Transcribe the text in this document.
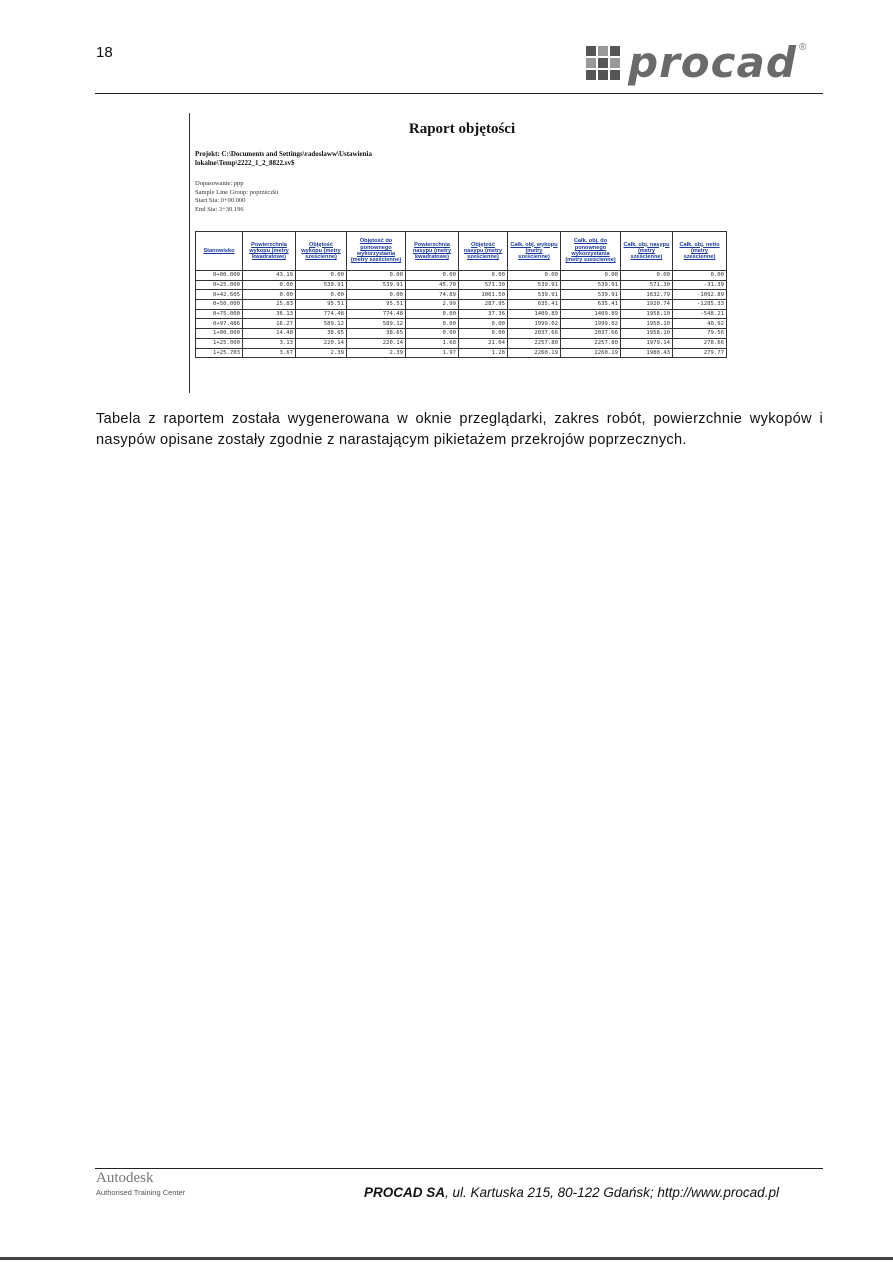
18	procad ®
Raport objętości
Projekt: C:\Documents and Settings\radoslaww\Ustawienia
lokalne\Temp\2222_1_2_8822.sv$
Dopasowanie: ppp
Sample Line Group: poprzeczki
Start Sta: 0+00.000
End Sta: 3+30.196
Stanowisko	Powierzchnia wykopu (metry kwadratowe)	Objętość wykopu (metry sześcienne)	Objętość do ponownego wykorzystania (metry sześcienne)	Powierzchnia nasypu (metry kwadratowe)	Objętość nasypu (metry sześcienne)	Całk. obj. wykopu (metry sześcienne)	Całk. obj. do ponownego wykorzystania (metry sześcienne)	Całk. obj. nasypu (metry sześcienne)	Całk. obj. netto (metry sześcienne)
0+00.000	43.19	0.00	0.00	0.00	0.00	0.00	0.00	0.00	0.00
0+25.000	0.00	539.91	539.91	45.70	571.30	539.91	539.91	571.30	-31.39
0+42.605	0.00	0.00	0.00	74.89	1061.50	539.91	539.91	1632.79	-1092.89
0+50.000	25.83	95.51	95.51	2.99	287.95	635.41	635.41	1920.74	-1285.33
0+75.000	36.13	774.48	774.48	0.00	37.36	1409.89	1409.89	1958.10	-548.21
0+97.486	16.27	589.12	589.12	0.00	0.00	1999.02	1999.02	1958.10	40.92
1+00.000	14.48	38.65	38.65	0.00	0.00	2037.66	2037.66	1958.10	79.56
1+25.000	3.13	220.14	220.14	1.68	21.04	2257.80	2257.80	1979.14	278.66
1+25.703	3.67	2.39	2.39	1.97	1.28	2260.19	2260.19	1980.43	279.77
Tabela z raportem została wygenerowana w oknie przeglądarki, zakres robót, powierzchnie wykopów i nasypów opisane zostały zgodnie z narastającym pikietażem przekrojów poprzecznych.
Autodesk
Authorised Training Center	PROCAD SA, ul. Kartuska 215, 80-122 Gdańsk; http://www.procad.pl
